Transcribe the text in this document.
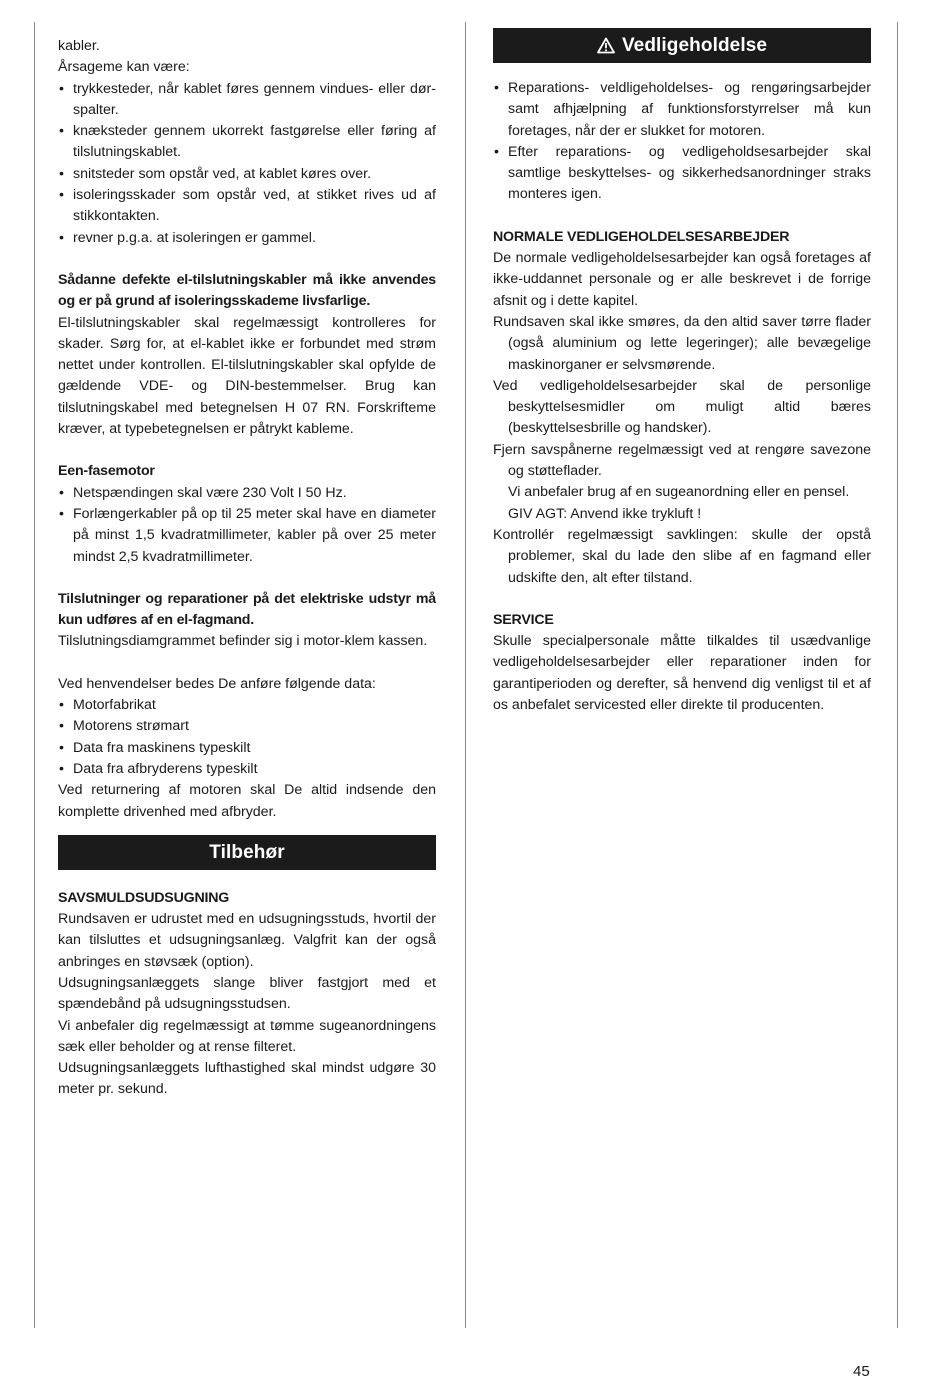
kabler.

Årsageme kan være:

• trykkesteder, når kablet føres gennem vindues- eller dør-spalter.
• knæksteder gennem ukorrekt fastgørelse eller føring af tilslutningskablet.
• snitsteder som opstår ved, at kablet køres over.
• isoleringsskader som opstår ved, at stikket rives ud af stikkontakten.
• revner p.g.a. at isoleringen er gammel.

Sådanne defekte el-tilslutningskabler må ikke anvendes og er på grund af isoleringsskademe livsfarlige.

El-tilslutningskabler skal regelmæssigt kontrolleres for skader. Sørg for, at el-kablet ikke er forbundet med strøm nettet under kontrollen. El-tilslutningskabler skal opfylde de gældende VDE- og DIN-bestemmelser. Brug kan tilslutningskabel med betegnelsen H 07 RN. Forskrifteme kræver, at typebetegnelsen er påtrykt kableme.

Een-fasemotor

• Netspændingen skal være 230 Volt I 50 Hz.
• Forlængerkabler på op til 25 meter skal have en diameter på minst 1,5 kvadratmillimeter, kabler på over 25 meter mindst 2,5 kvadratmillimeter.

Tilslutninger og reparationer på det elektriske udstyr må kun udføres af en el-fagmand.

Tilslutningsdiamgrammet befinder sig i motor-klem kassen.

Ved henvendelser bedes De anføre følgende data:

• Motorfabrikat
• Motorens strømart
• Data fra maskinens typeskilt
• Data fra afbryderens typeskilt

Ved returnering af motoren skal De altid indsende den komplette drivenhed med afbryder.

Tilbehør

SAVSMULDSUDSUGNING

Rundsaven er udrustet med en udsugningsstuds, hvortil der kan tilsluttes et udsugningsanlæg. Valgfrit kan der også anbringes en støvsæk (option).

Udsugningsanlæggets slange bliver fastgjort med et spændebånd på udsugningsstudsen.

Vi anbefaler dig regelmæssigt at tømme sugeanordningens sæk eller beholder og at rense filteret.

Udsugningsanlæggets lufthastighed skal mindst udgøre 30 meter pr. sekund.

Vedligeholdelse
• Reparations- veldligeholdelses- og rengøringsarbejder samt afhjælpning af funktionsforstyrrelser må kun foretages, når der er slukket for motoren.
• Efter reparations- og vedligeholdsesarbejder skal samtlige beskyttelses- og sikkerhedsanordninger straks monteres igen.

NORMALE VEDLIGEHOLDELSESARBEJDER

De normale vedligeholdelsesarbejder kan også foretages af ikke-uddannet personale og er alle beskrevet i de forrige afsnit og i dette kapitel.

Rundsaven skal ikke smøres, da den altid saver tørre flader (også aluminium og lette legeringer); alle bevægelige maskinorganer er selvsmørende.

Ved vedligeholdelsesarbejder skal de personlige beskyttelsesmidler om muligt altid bæres (beskyttelsesbrille og handsker).

Fjern savspånerne regelmæssigt ved at rengøre savezone og støtteflader.

Vi anbefaler brug af en sugeanordning eller en pensel.

GIV AGT: Anvend ikke trykluft !

Kontrollér regelmæssigt savklingen: skulle der opstå problemer, skal du lade den slibe af en fagmand eller udskifte den, alt efter tilstand.

SERVICE

Skulle specialpersonale måtte tilkaldes til usædvanlige vedligeholdelsesarbejder eller reparationer inden for garantiperioden og derefter, så henvend dig venligst til et af os anbefalet servicested eller direkte til producenten.

45
